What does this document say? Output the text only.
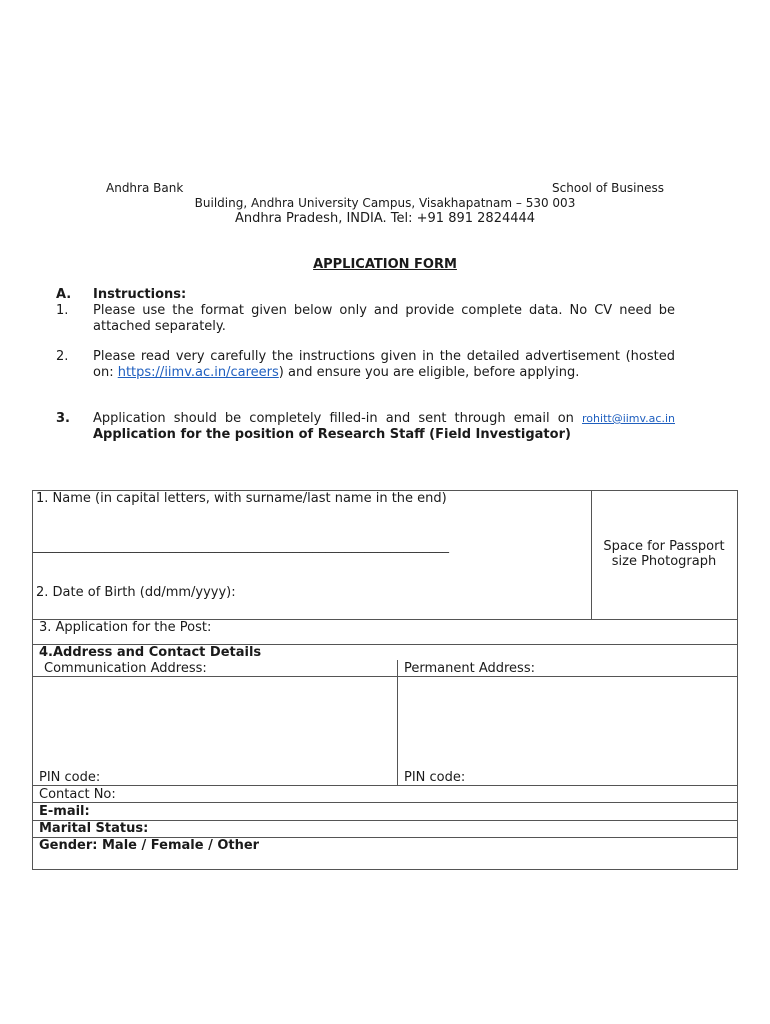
Andhra Bank	School of Business
Building, Andhra University Campus, Visakhapatnam – 530 003
Andhra Pradesh, INDIA. Tel: +91 891 2824444
APPLICATION FORM
A. Instructions:
1. Please use the format given below only and provide complete data. No CV need be attached separately.
2. Please read very carefully the instructions given in the detailed advertisement (hosted on: https://iimv.ac.in/careers) and ensure you are eligible, before applying.
3. Application should be completely filled-in and sent through email on rohitt@iimv.ac.in Application for the position of Research Staff (Field Investigator)
1. Name (in capital letters, with surname/last name in the end)
________________________________________________________________	Space for Passport size Photograph
2. Date of Birth (dd/mm/yyyy):
3. Application for the Post:
4.Address and Contact Details
Communication Address:	Permanent Address:
PIN code:	PIN code:
Contact No:
E-mail:
Marital Status:
Gender: Male / Female / Other
